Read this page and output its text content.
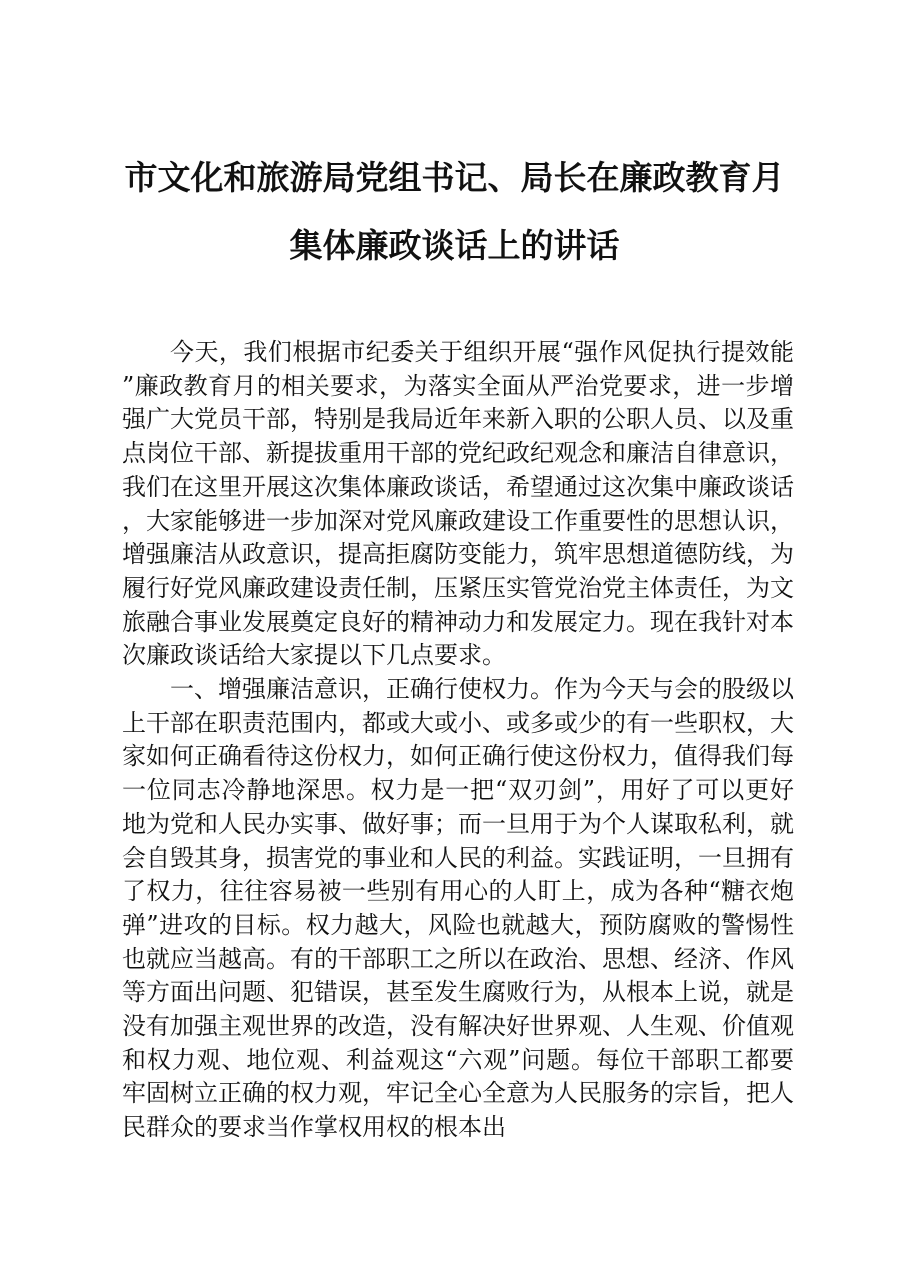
市文化和旅游局党组书记、局长在廉政教育月
集体廉政谈话上的讲话

今天，我们根据市纪委关于组织开展“强作风促执行提效能”廉政教育月的相关要求，为落实全面从严治党要求，进一步增强广大党员干部，特别是我局近年来新入职的公职人员、以及重点岗位干部、新提拔重用干部的党纪政纪观念和廉洁自律意识，我们在这里开展这次集体廉政谈话，希望通过这次集中廉政谈话，大家能够进一步加深对党风廉政建设工作重要性的思想认识，增强廉洁从政意识，提高拒腐防变能力，筑牢思想道德防线，为履行好党风廉政建设责任制，压紧压实管党治党主体责任，为文旅融合事业发展奠定良好的精神动力和发展定力。现在我针对本次廉政谈话给大家提以下几点要求。

一、增强廉洁意识，正确行使权力。作为今天与会的股级以上干部在职责范围内，都或大或小、或多或少的有一些职权，大家如何正确看待这份权力，如何正确行使这份权力，值得我们每一位同志冷静地深思。权力是一把“双刃剑”，用好了可以更好地为党和人民办实事、做好事；而一旦用于为个人谋取私利，就会自毁其身，损害党的事业和人民的利益。实践证明，一旦拥有了权力，往往容易被一些别有用心的人盯上，成为各种“糖衣炮弹”进攻的目标。权力越大，风险也就越大，预防腐败的警惕性也就应当越高。有的干部职工之所以在政治、思想、经济、作风等方面出问题、犯错误，甚至发生腐败行为，从根本上说，就是没有加强主观世界的改造，没有解决好世界观、人生观、价值观和权力观、地位观、利益观这“六观”问题。每位干部职工都要牢固树立正确的权力观，牢记全心全意为人民服务的宗旨，把人民群众的要求当作掌权用权的根本出
